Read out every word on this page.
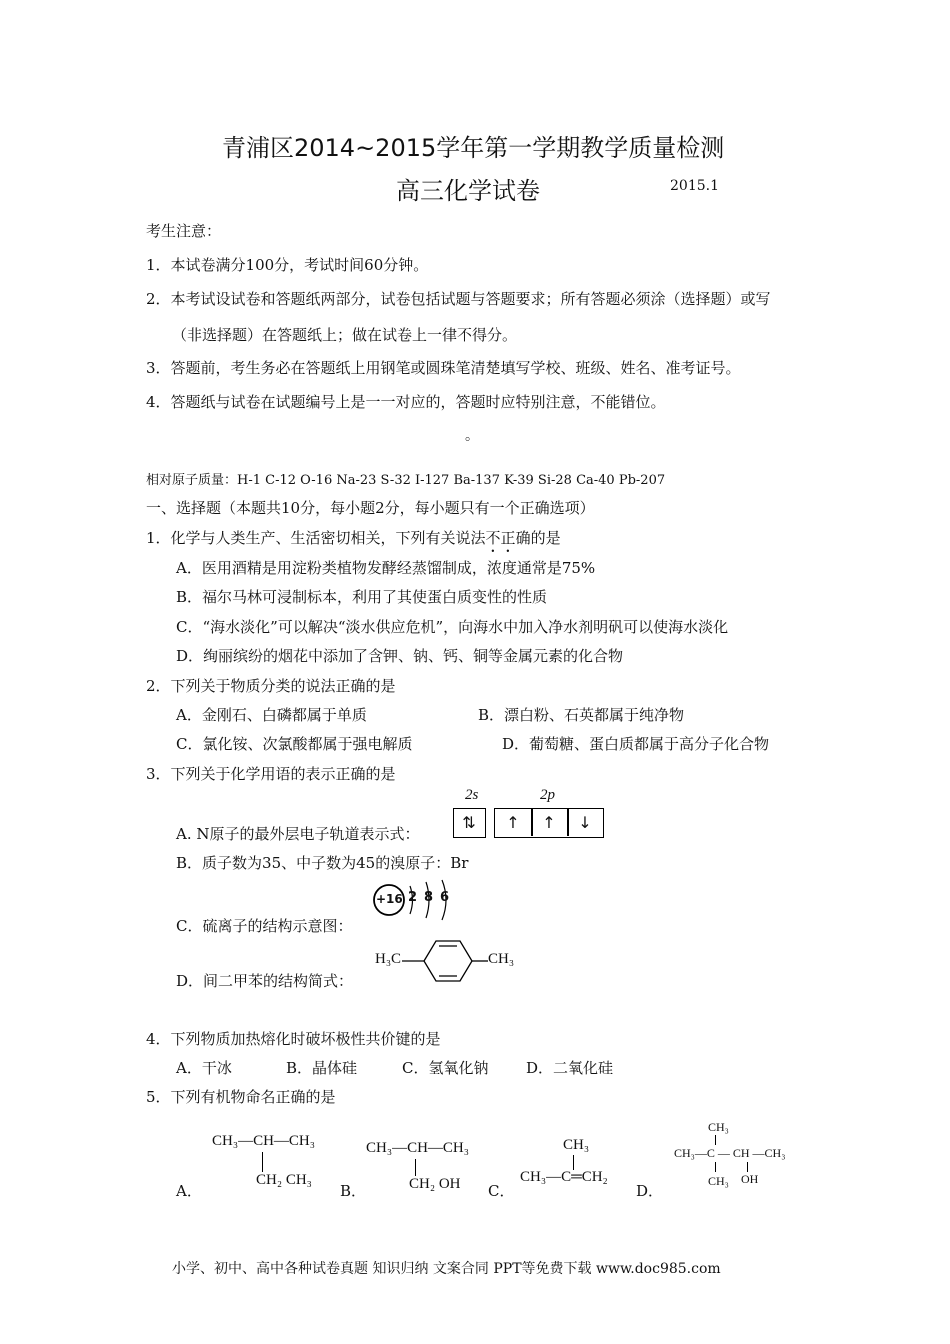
青浦区2014~2015学年第一学期教学质量检测
高三化学试卷	2015.1
考生注意：
1．本试卷满分100分，考试时间60分钟。
2．本考试设试卷和答题纸两部分，试卷包括试题与答题要求；所有答题必须涂（选择题）或写
（非选择题）在答题纸上；做在试卷上一律不得分。
3．答题前，考生务必在答题纸上用钢笔或圆珠笔清楚填写学校、班级、姓名、准考证号。
4．答题纸与试卷在试题编号上是一一对应的，答题时应特别注意，不能错位。
。
相对原子质量：H-1 C-12 O-16 Na-23 S-32 I-127 Ba-137 K-39 Si-28 Ca-40 Pb-207
一、选择题（本题共10分，每小题2分，每小题只有一个正确选项）
1．化学与人类生产、生活密切相关，下列有关说法不正确的是
A．医用酒精是用淀粉类植物发酵经蒸馏制成，浓度通常是75%
B．福尔马林可浸制标本，利用了其使蛋白质变性的性质
C．“海水淡化”可以解决“淡水供应危机”，向海水中加入净水剂明矾可以使海水淡化
D．绚丽缤纷的烟花中添加了含钾、钠、钙、铜等金属元素的化合物
2．下列关于物质分类的说法正确的是
A．金刚石、白磷都属于单质	B．漂白粉、石英都属于纯净物
C．氯化铵、次氯酸都属于强电解质	D．葡萄糖、蛋白质都属于高分子化合物
3．下列关于化学用语的表示正确的是
A. N原子的最外层电子轨道表示式：
2s	2p
⇅	↑	↑	↓
B．质子数为35、中子数为45的溴原子：Br
C．硫离子的结构示意图：
+16 2 8 6
D．间二甲苯的结构简式：
H₃C	CH₃
4．下列物质加热熔化时破坏极性共价键的是
A．干冰	B．晶体硅	C．氢氧化钠	D．二氧化硅
5．下列有机物命名正确的是
A．
CH₃—CH—CH₃
CH₂ CH₃
B．
CH₃—CH—CH₃
CH₂ OH C．
CH₃
CH₃—C═CH₂
D．
CH₃
CH₃—C — CH —CH₃
CH₃ OH
小学、初中、高中各种试卷真题 知识归纳 文案合同 PPT等免费下载 www.doc985.com
